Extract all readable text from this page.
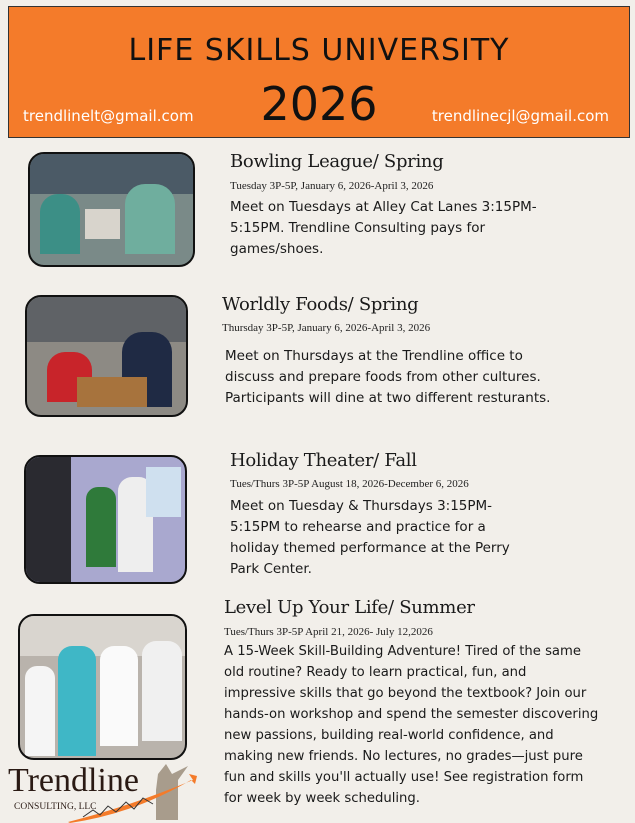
LIFE SKILLS UNIVERSITY
2026
trendlinelt@gmail.com	trendlinecjl@gmail.com
Bowling League/ Spring
Tuesday 3P-5P, January 6, 2026-April 3, 2026
Meet on Tuesdays at Alley Cat Lanes 3:15PM-
5:15PM. Trendline Consulting pays for
games/shoes.
Worldly Foods/ Spring
Thursday 3P-5P, January 6, 2026-April 3, 2026
Meet on Thursdays at the Trendline office to
discuss and prepare foods from other cultures.
Participants will dine at two different resturants.
Holiday Theater/ Fall
Tues/Thurs 3P-5P August 18, 2026-December 6, 2026
Meet on Tuesday & Thursdays 3:15PM-
5:15PM to rehearse and practice for a
holiday themed performance at the Perry
Park Center.
Level Up Your Life/ Summer
Tues/Thurs 3P-5P April 21, 2026- July 12,2026
A 15-Week Skill-Building Adventure! Tired of the same
old routine? Ready to learn practical, fun, and
impressive skills that go beyond the textbook? Join our
hands-on workshop and spend the semester discovering
new passions, building real-world confidence, and
making new friends. No lectures, no grades—just pure
fun and skills you'll actually use! See registration form
for week by week scheduling.
Trendline
CONSULTING, LLC
